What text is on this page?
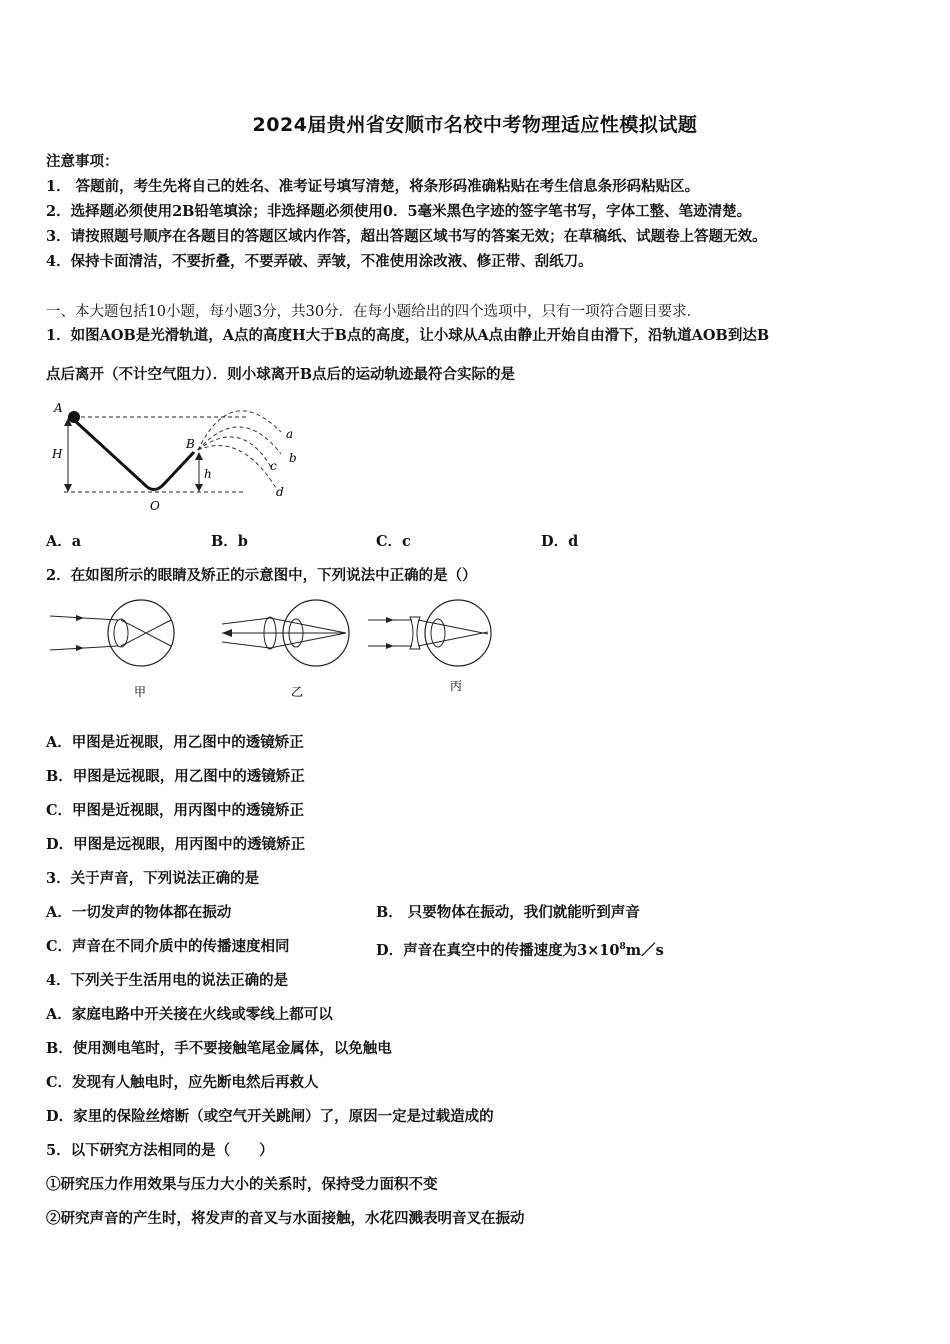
2024届贵州省安顺市名校中考物理适应性模拟试题
注意事项：
1． 答题前，考生先将自己的姓名、准考证号填写清楚，将条形码准确粘贴在考生信息条形码粘贴区。
2．选择题必须使用2B铅笔填涂；非选择题必须使用0．5毫米黑色字迹的签字笔书写，字体工整、笔迹清楚。
3．请按照题号顺序在各题目的答题区域内作答，超出答题区域书写的答案无效；在草稿纸、试题卷上答题无效。
4．保持卡面清洁，不要折叠，不要弄破、弄皱，不准使用涂改液、修正带、刮纸刀。
一、本大题包括10小题，每小题3分，共30分．在每小题给出的四个选项中，只有一项符合题目要求．
1．如图AOB是光滑轨道，A点的高度H大于B点的高度，让小球从A点由静止开始自由滑下，沿轨道AOB到达B
点后离开（不计空气阻力）．则小球离开B点后的运动轨迹最符合实际的是
A
H
B
h
O
a
b
c
d
A．a	B．b	C．c	D．d
2．在如图所示的眼睛及矫正的示意图中，下列说法中正确的是（）
甲	乙	丙
A．甲图是近视眼，用乙图中的透镜矫正
B．甲图是远视眼，用乙图中的透镜矫正
C．甲图是近视眼，用丙图中的透镜矫正
D．甲图是远视眼，用丙图中的透镜矫正
3．关于声音，下列说法正确的是
A．一切发声的物体都在振动	B． 只要物体在振动，我们就能听到声音
C．声音在不同介质中的传播速度相同	D．声音在真空中的传播速度为$3\times 10^8m/s$
4．下列关于生活用电的说法正确的是
A．家庭电路中开关接在火线或零线上都可以
B．使用测电笔时，手不要接触笔尾金属体，以免触电
C．发现有人触电时，应先断电然后再救人
D．家里的保险丝熔断（或空气开关跳闸）了，原因一定是过载造成的
5．以下研究方法相同的是（　　）
①研究压力作用效果与压力大小的关系时，保持受力面积不变
②研究声音的产生时，将发声的音叉与水面接触，水花四溅表明音叉在振动
